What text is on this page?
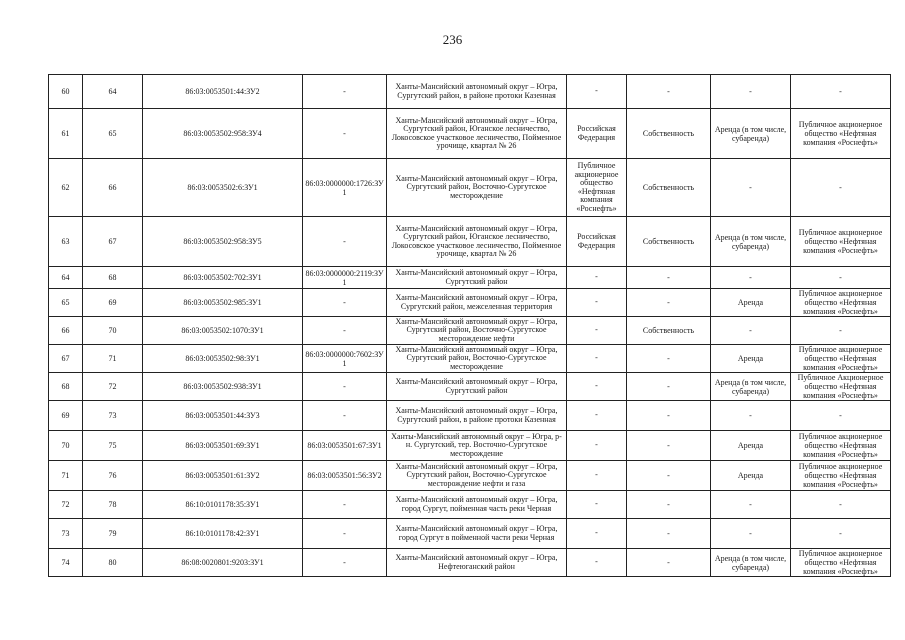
236
60	64	86:03:0053501:44:ЗУ2	-	Ханты-Мансийский автономный округ – Югра, Сургутский район, в районе протоки Казенная	-	-	-	-
61	65	86:03:0053502:958:ЗУ4	-	Ханты-Мансийский автономный округ – Югра, Сургутский район, Юганское лесничество, Локосовское участковое лесничество, Пойменное урочище, квартал № 26	Российская Федерация	Собственность	Аренда (в том числе, субаренда)	Публичное акционерное общество «Нефтяная компания «Роснефть»
62	66	86:03:0053502:6:ЗУ1	86:03:0000000:1726:ЗУ1	Ханты-Мансийский автономный округ – Югра, Сургутский район, Восточно-Сургутское месторождение	Публичное акционерное общество «Нефтяная компания «Роснефть»	Собственность	-	-
63	67	86:03:0053502:958:ЗУ5	-	Ханты-Мансийский автономный округ – Югра, Сургутский район, Юганское лесничество, Локосовское участковое лесничество, Пойменное урочище, квартал № 26	Российская Федерация	Собственность	Аренда (в том числе, субаренда)	Публичное акционерное общество «Нефтяная компания «Роснефть»
64	68	86:03:0053502:702:ЗУ1	86:03:0000000:2119:ЗУ1	Ханты-Мансийский автономный округ – Югра, Сургутский район	-	-	-	-
65	69	86:03:0053502:985:ЗУ1	-	Ханты-Мансийский автономный округ – Югра, Сургутский район, межселенная территория	-	-	Аренда	Публичное акционерное общество «Нефтяная компания «Роснефть»
66	70	86:03:0053502:1070:ЗУ1	-	Ханты-Мансийский автономный округ – Югра, Сургутский район, Восточно-Сургутское месторождение нефти	-	Собственность	-	-
67	71	86:03:0053502:98:ЗУ1	86:03:0000000:7602:ЗУ1	Ханты-Мансийский автономный округ – Югра, Сургутский район, Восточно-Сургутское месторождение	-	-	Аренда	Публичное акционерное общество «Нефтяная компания «Роснефть»
68	72	86:03:0053502:938:ЗУ1	-	Ханты-Мансийский автономный округ – Югра, Сургутский район	-	-	Аренда (в том числе, субаренда)	Публичное Акционерное общество «Нефтяная компания «Роснефть»
69	73	86:03:0053501:44:ЗУ3	-	Ханты-Мансийский автономный округ – Югра, Сургутский район, в районе протоки Казенная	-	-	-	-
70	75	86:03:0053501:69:ЗУ1	86:03:0053501:67:ЗУ1	Ханты-Мансийский автономный округ – Югра, р-н. Сургутский, тер. Восточно-Сургутское месторождение	-	-	Аренда	Публичное акционерное общество «Нефтяная компания «Роснефть»
71	76	86:03:0053501:61:ЗУ2	86:03:0053501:56:ЗУ2	Ханты-Мансийский автономный округ – Югра, Сургутский район, Восточно-Сургутское месторождение нефти и газа	-	-	Аренда	Публичное акционерное общество «Нефтяная компания «Роснефть»
72	78	86:10:0101178:35:ЗУ1	-	Ханты-Мансийский автономный округ – Югра, город Сургут, пойменная часть реки Черная	-	-	-	-
73	79	86:10:0101178:42:ЗУ1	-	Ханты-Мансийский автономный округ – Югра, город Сургут в пойменной части реки Черная	-	-	-	-
74	80	86:08:0020801:9203:ЗУ1	-	Ханты-Мансийский автономный округ – Югра, Нефтеюганский район	-	-	Аренда (в том числе, субаренда)	Публичное акционерное общество «Нефтяная компания «Роснефть»
